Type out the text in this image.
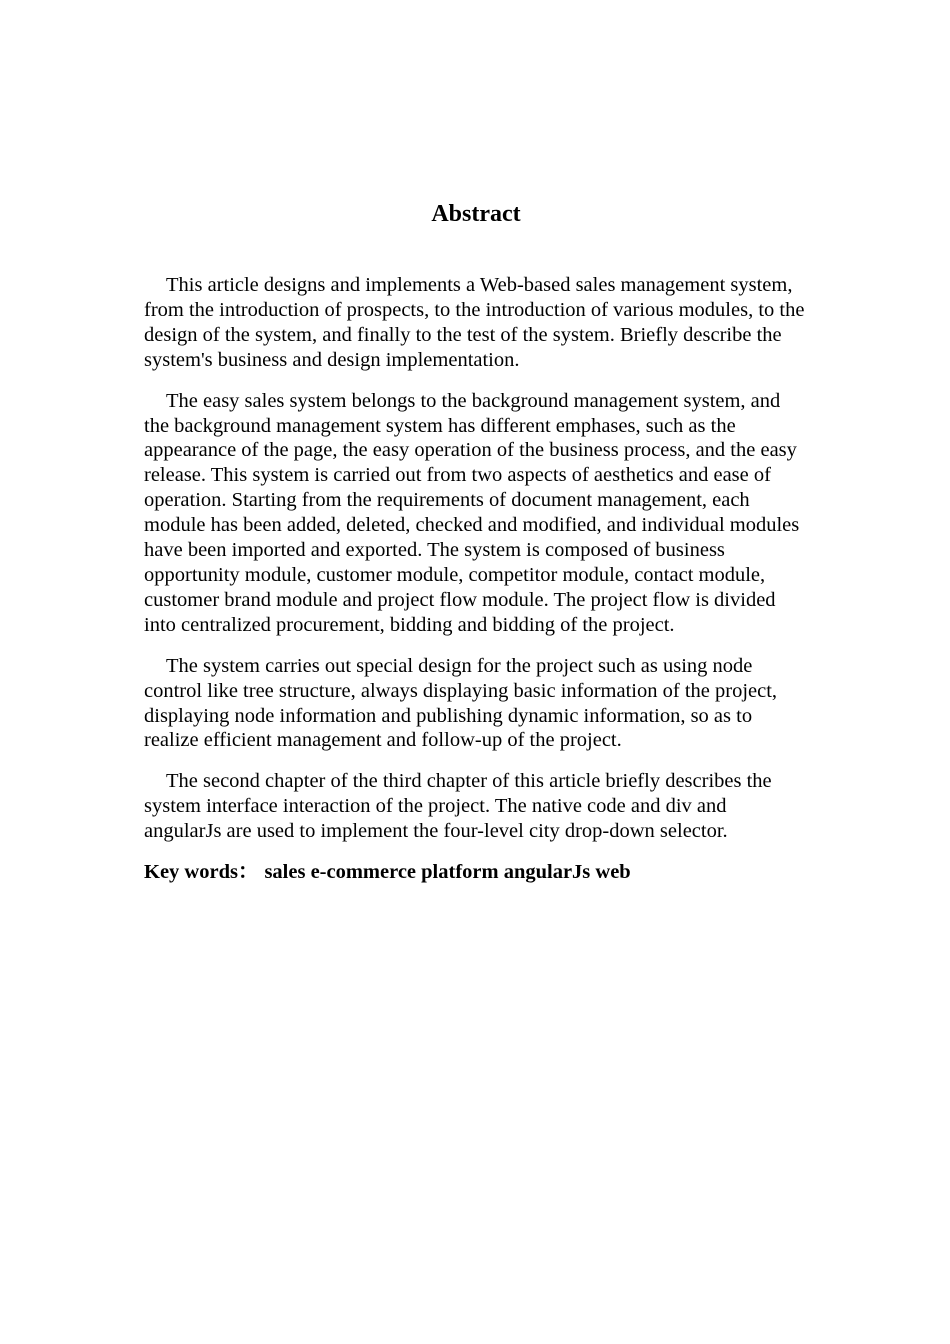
Abstract

This article designs and implements a Web-based sales management system, from the introduction of prospects, to the introduction of various modules, to the design of the system, and finally to the test of the system. Briefly describe the system's business and design implementation.

The easy sales system belongs to the background management system, and the background management system has different emphases, such as the appearance of the page, the easy operation of the business process, and the easy release. This system is carried out from two aspects of aesthetics and ease of operation. Starting from the requirements of document management, each module has been added, deleted, checked and modified, and individual modules have been imported and exported. The system is composed of business opportunity module, customer module, competitor module, contact module, customer brand module and project flow module. The project flow is divided into centralized procurement, bidding and bidding of the project.

The system carries out special design for the project such as using node control like tree structure, always displaying basic information of the project, displaying node information and publishing dynamic information, so as to realize efficient management and follow-up of the project.

The second chapter of the third chapter of this article briefly describes the system interface interaction of the project. The native code and div and angularJs are used to implement the four-level city drop-down selector.

Key words： sales e-commerce platform angularJs web
